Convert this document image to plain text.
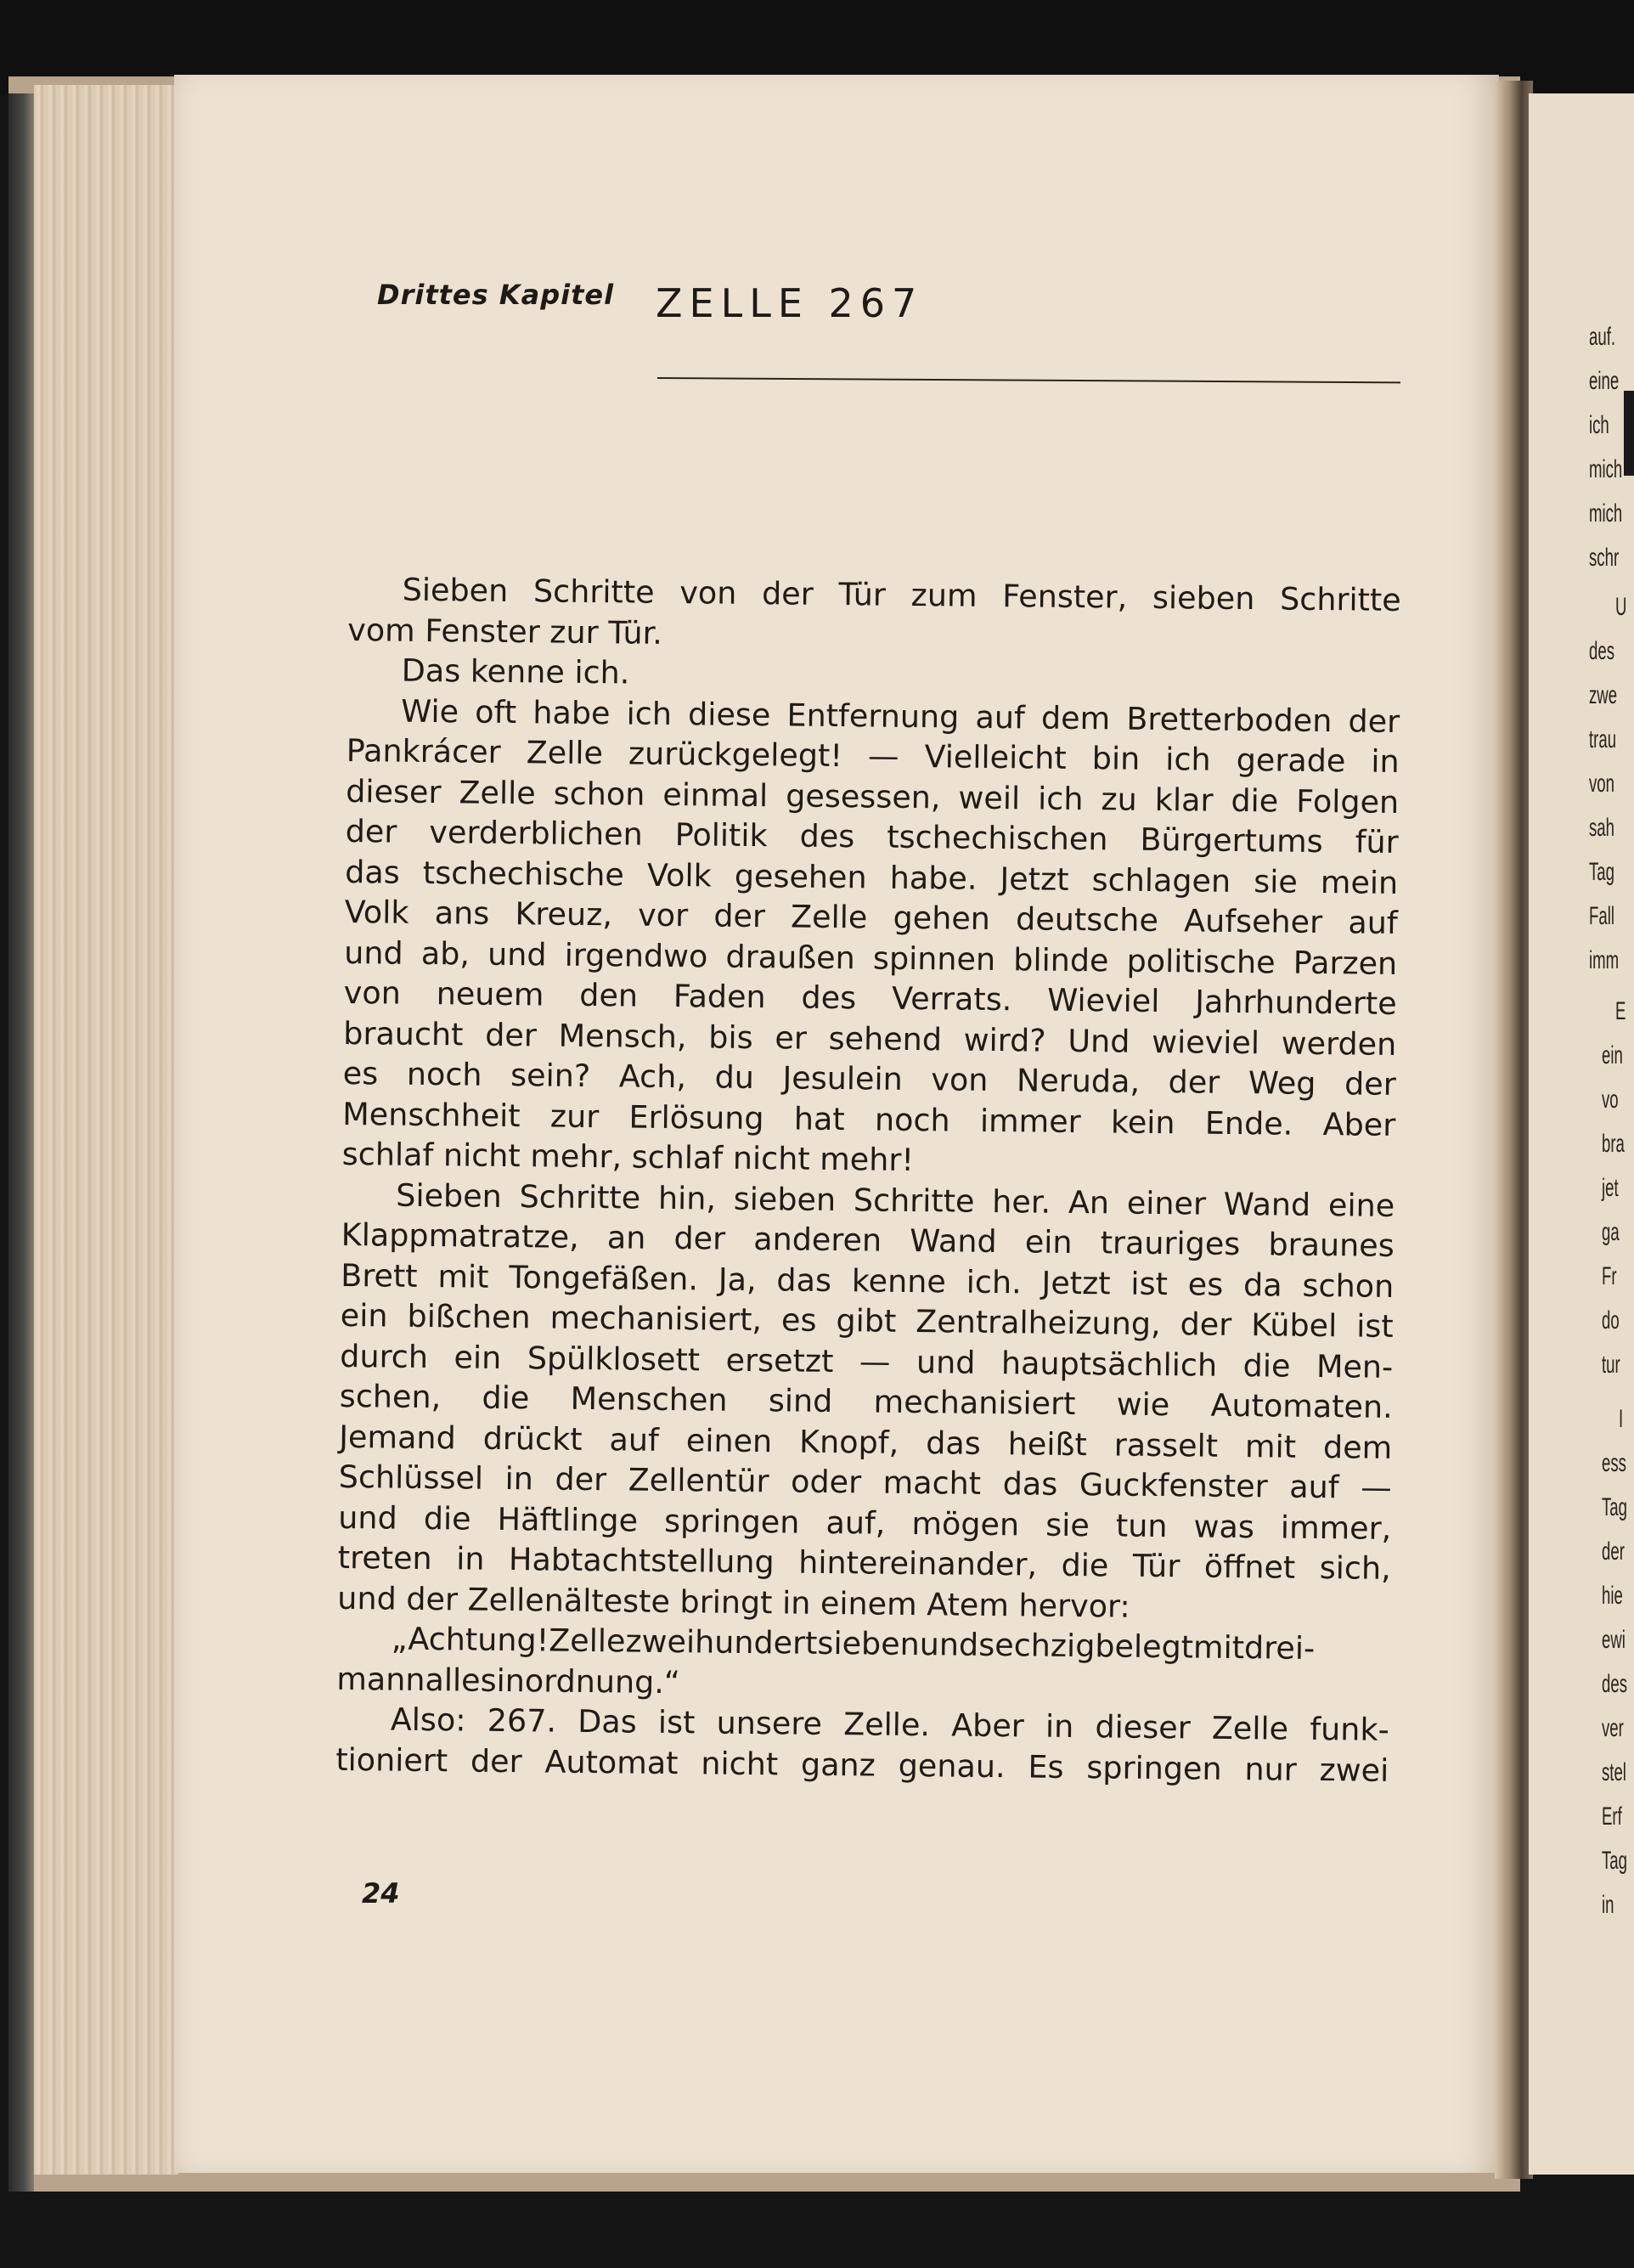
auf.
eine
ich
mich
mich
schr
U
des
zwe
trau
von
sah
Tag
Fall
imm
E
ein
vo
bra
jet
ga
Fr
do
tur
I
ess
Tag
der
hie
ewi
des
ver
stel
Erf
Tag
in
Drittes Kapitel ZELLE 267
Sieben Schritte von der Tür zum Fenster, sieben Schritte
vom Fenster zur Tür.
Das kenne ich.
Wie oft habe ich diese Entfernung auf dem Bretterboden der
Pankrácer Zelle zurückgelegt! — Vielleicht bin ich gerade in
dieser Zelle schon einmal gesessen, weil ich zu klar die Folgen
der verderblichen Politik des tschechischen Bürgertums für
das tschechische Volk gesehen habe. Jetzt schlagen sie mein
Volk ans Kreuz, vor der Zelle gehen deutsche Aufseher auf
und ab, und irgendwo draußen spinnen blinde politische Parzen
von neuem den Faden des Verrats. Wieviel Jahrhunderte
braucht der Mensch, bis er sehend wird? Und wieviel werden
es noch sein? Ach, du Jesulein von Neruda, der Weg der
Menschheit zur Erlösung hat noch immer kein Ende. Aber
schlaf nicht mehr, schlaf nicht mehr!
Sieben Schritte hin, sieben Schritte her. An einer Wand eine
Klappmatratze, an der anderen Wand ein trauriges braunes
Brett mit Tongefäßen. Ja, das kenne ich. Jetzt ist es da schon
ein bißchen mechanisiert, es gibt Zentralheizung, der Kübel ist
durch ein Spülklosett ersetzt — und hauptsächlich die Men-
schen, die Menschen sind mechanisiert wie Automaten.
Jemand drückt auf einen Knopf, das heißt rasselt mit dem
Schlüssel in der Zellentür oder macht das Guckfenster auf —
und die Häftlinge springen auf, mögen sie tun was immer,
treten in Habtachtstellung hintereinander, die Tür öffnet sich,
und der Zellenälteste bringt in einem Atem hervor:
„Achtung!Zellezweihundertsiebenundsechzigbelegtmitdrei-
mannallesinordnung.“
Also: 267. Das ist unsere Zelle. Aber in dieser Zelle funk-
tioniert der Automat nicht ganz genau. Es springen nur zwei
24
